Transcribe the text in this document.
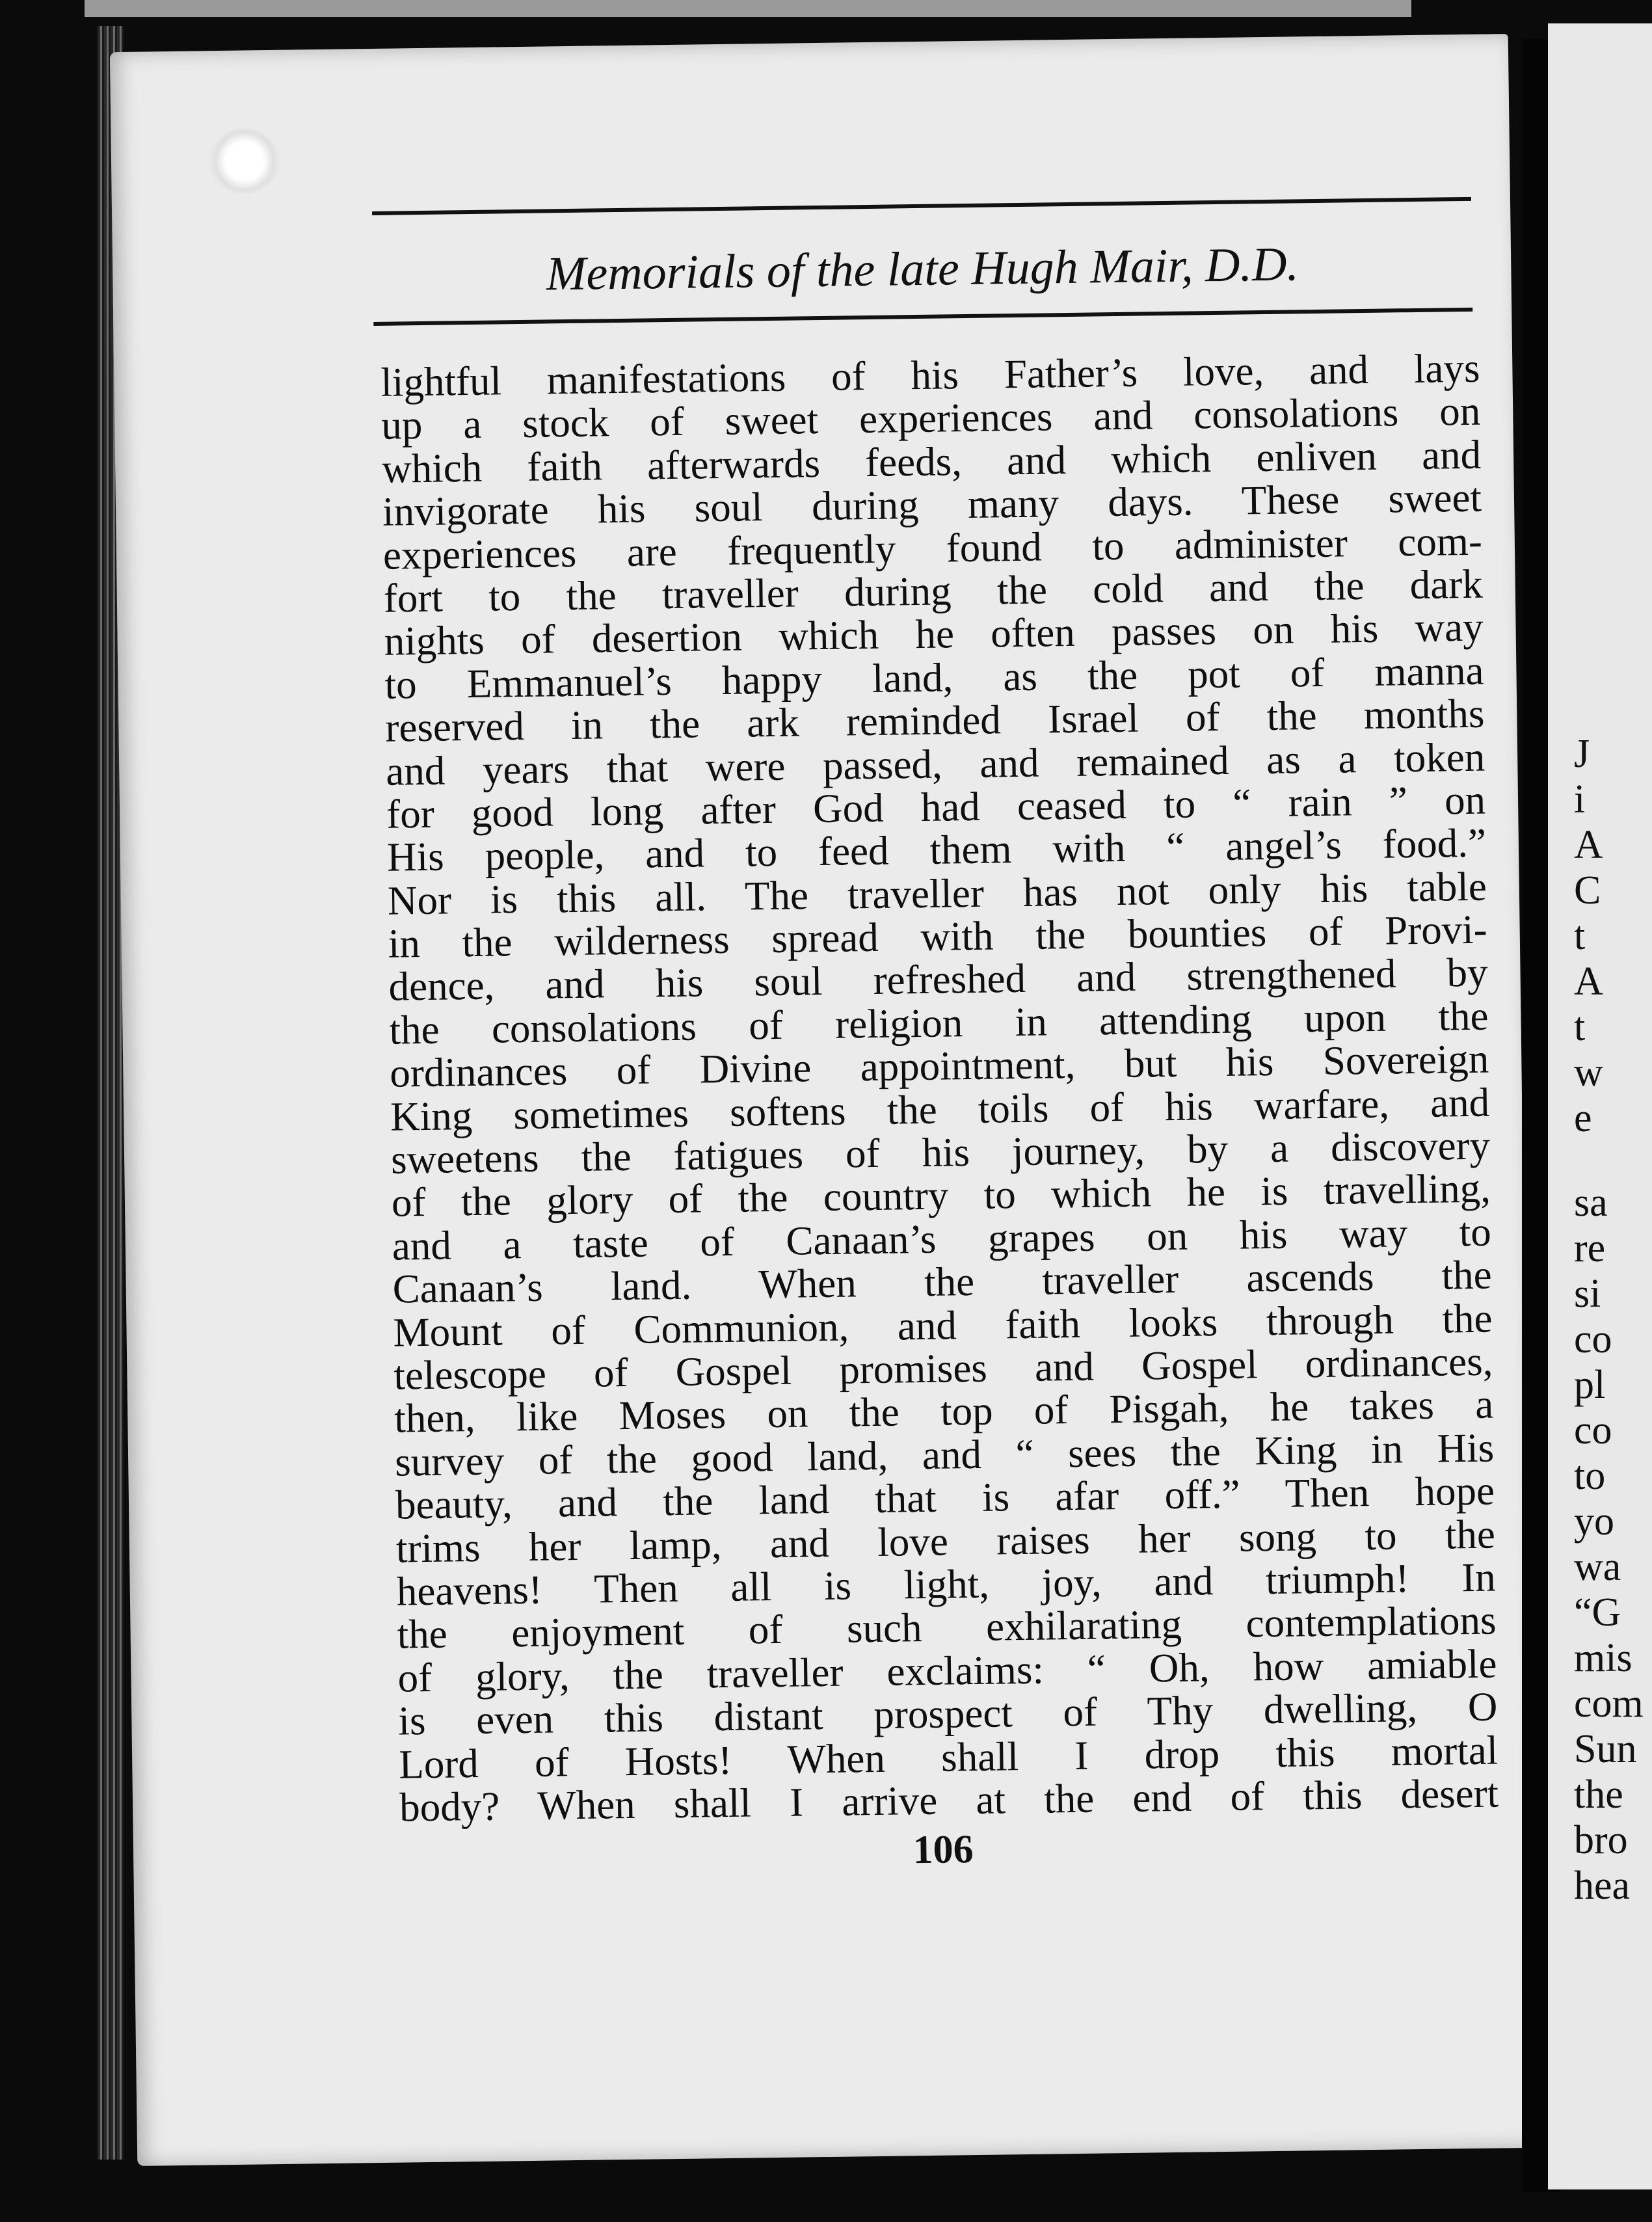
Memorials of the late Hugh Mair, D.D.
lightful manifestations of his Father’s love, and lays
up a stock of sweet experiences and consolations on
which faith afterwards feeds, and which enliven and
invigorate his soul during many days. These sweet
experiences are frequently found to administer com-
fort to the traveller during the cold and the dark
nights of desertion which he often passes on his way
to Emmanuel’s happy land, as the pot of manna
reserved in the ark reminded Israel of the months
and years that were passed, and remained as a token
for good long after God had ceased to “ rain ” on
His people, and to feed them with “ angel’s food.”
Nor is this all. The traveller has not only his table
in the wilderness spread with the bounties of Provi-
dence, and his soul refreshed and strengthened by
the consolations of religion in attending upon the
ordinances of Divine appointment, but his Sovereign
King sometimes softens the toils of his warfare, and
sweetens the fatigues of his journey, by a discovery
of the glory of the country to which he is travelling,
and a taste of Canaan’s grapes on his way to
Canaan’s land. When the traveller ascends the
Mount of Communion, and faith looks through the
telescope of Gospel promises and Gospel ordinances,
then, like Moses on the top of Pisgah, he takes a
survey of the good land, and “ sees the King in His
beauty, and the land that is afar off.” Then hope
trims her lamp, and love raises her song to the
heavens! Then all is light, joy, and triumph! In
the enjoyment of such exhilarating contemplations
of glory, the traveller exclaims: “ Oh, how amiable
is even this distant prospect of Thy dwelling, O
Lord of Hosts! When shall I drop this mortal
body? When shall I arrive at the end of this desert
106
J
i
A
C
t
A
t
w
e
sa
re
si
co
pl
co
to
yo
wa
“G
mis
com
Sun
the
bro
hea
